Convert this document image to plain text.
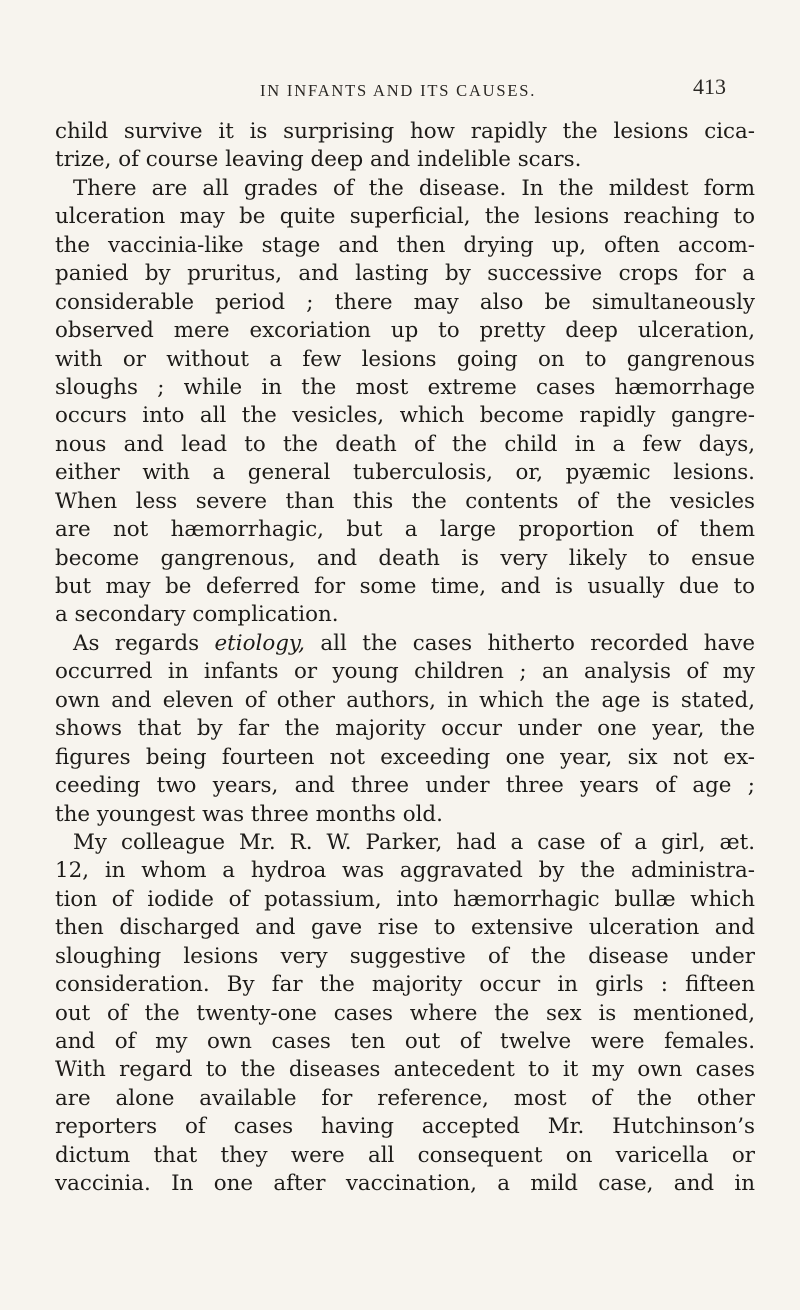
IN INFANTS AND ITS CAUSES.	413
child survive it is surprising how rapidly the lesions cica-
trize, of course leaving deep and indelible scars.
There are all grades of the disease. In the mildest form
ulceration may be quite superficial, the lesions reaching to
the vaccinia-like stage and then drying up, often accom-
panied by pruritus, and lasting by successive crops for a
considerable period ; there may also be simultaneously
observed mere excoriation up to pretty deep ulceration,
with or without a few lesions going on to gangrenous
sloughs ; while in the most extreme cases hæmorrhage
occurs into all the vesicles, which become rapidly gangre-
nous and lead to the death of the child in a few days,
either with a general tuberculosis, or, pyæmic lesions.
When less severe than this the contents of the vesicles
are not hæmorrhagic, but a large proportion of them
become gangrenous, and death is very likely to ensue
but may be deferred for some time, and is usually due to
a secondary complication.
As regards etiology, all the cases hitherto recorded have
occurred in infants or young children ; an analysis of my
own and eleven of other authors, in which the age is stated,
shows that by far the majority occur under one year, the
figures being fourteen not exceeding one year, six not ex-
ceeding two years, and three under three years of age ;
the youngest was three months old.
My colleague Mr. R. W. Parker, had a case of a girl, æt.
12, in whom a hydroa was aggravated by the administra-
tion of iodide of potassium, into hæmorrhagic bullæ which
then discharged and gave rise to extensive ulceration and
sloughing lesions very suggestive of the disease under
consideration. By far the majority occur in girls : fifteen
out of the twenty-one cases where the sex is mentioned,
and of my own cases ten out of twelve were females.
With regard to the diseases antecedent to it my own cases
are alone available for reference, most of the other
reporters of cases having accepted Mr. Hutchinson’s
dictum that they were all consequent on varicella or
vaccinia. In one after vaccination, a mild case, and in
